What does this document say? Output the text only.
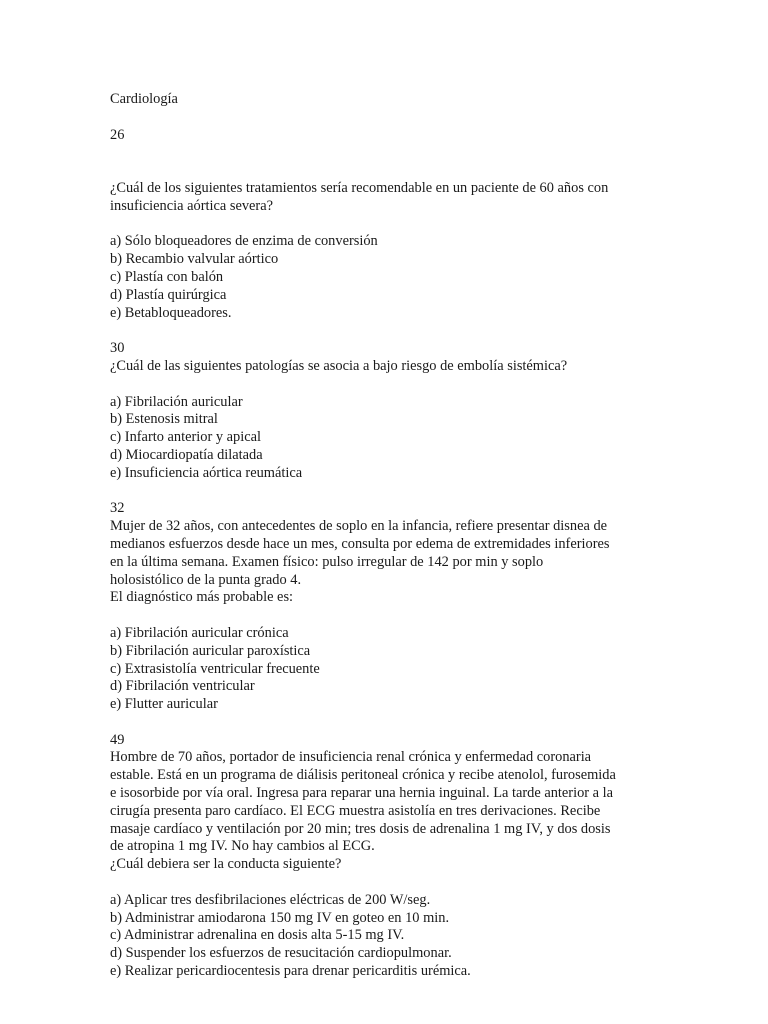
Cardiología
26
¿Cuál de los siguientes tratamientos sería recomendable en un paciente de 60 años con
insuficiencia aórtica severa?
a) Sólo bloqueadores de enzima de conversión
b) Recambio valvular aórtico
c) Plastía con balón
d) Plastía quirúrgica
e) Betabloqueadores.
30
¿Cuál de las siguientes patologías se asocia a bajo riesgo de embolía sistémica?
a) Fibrilación auricular
b) Estenosis mitral
c) Infarto anterior y apical
d) Miocardiopatía dilatada
e) Insuficiencia aórtica reumática
32
Mujer de 32 años, con antecedentes de soplo en la infancia, refiere presentar disnea de
medianos esfuerzos desde hace un mes, consulta por edema de extremidades inferiores
en la última semana. Examen físico: pulso irregular de 142 por min y soplo
holosistólico de la punta grado 4.
El diagnóstico más probable es:
a) Fibrilación auricular crónica
b) Fibrilación auricular paroxística
c) Extrasistolía ventricular frecuente
d) Fibrilación ventricular
e) Flutter auricular
49
Hombre de 70 años, portador de insuficiencia renal crónica y enfermedad coronaria
estable. Está en un programa de diálisis peritoneal crónica y recibe atenolol, furosemida
e isosorbide por vía oral. Ingresa para reparar una hernia inguinal. La tarde anterior a la
cirugía presenta paro cardíaco. El ECG muestra asistolía en tres derivaciones. Recibe
masaje cardíaco y ventilación por 20 min; tres dosis de adrenalina 1 mg IV, y dos dosis
de atropina 1 mg IV. No hay cambios al ECG.
¿Cuál debiera ser la conducta siguiente?
a) Aplicar tres desfibrilaciones eléctricas de 200 W/seg.
b) Administrar amiodarona 150 mg IV en goteo en 10 min.
c) Administrar adrenalina en dosis alta 5-15 mg IV.
d) Suspender los esfuerzos de resucitación cardiopulmonar.
e) Realizar pericardiocentesis para drenar pericarditis urémica.
